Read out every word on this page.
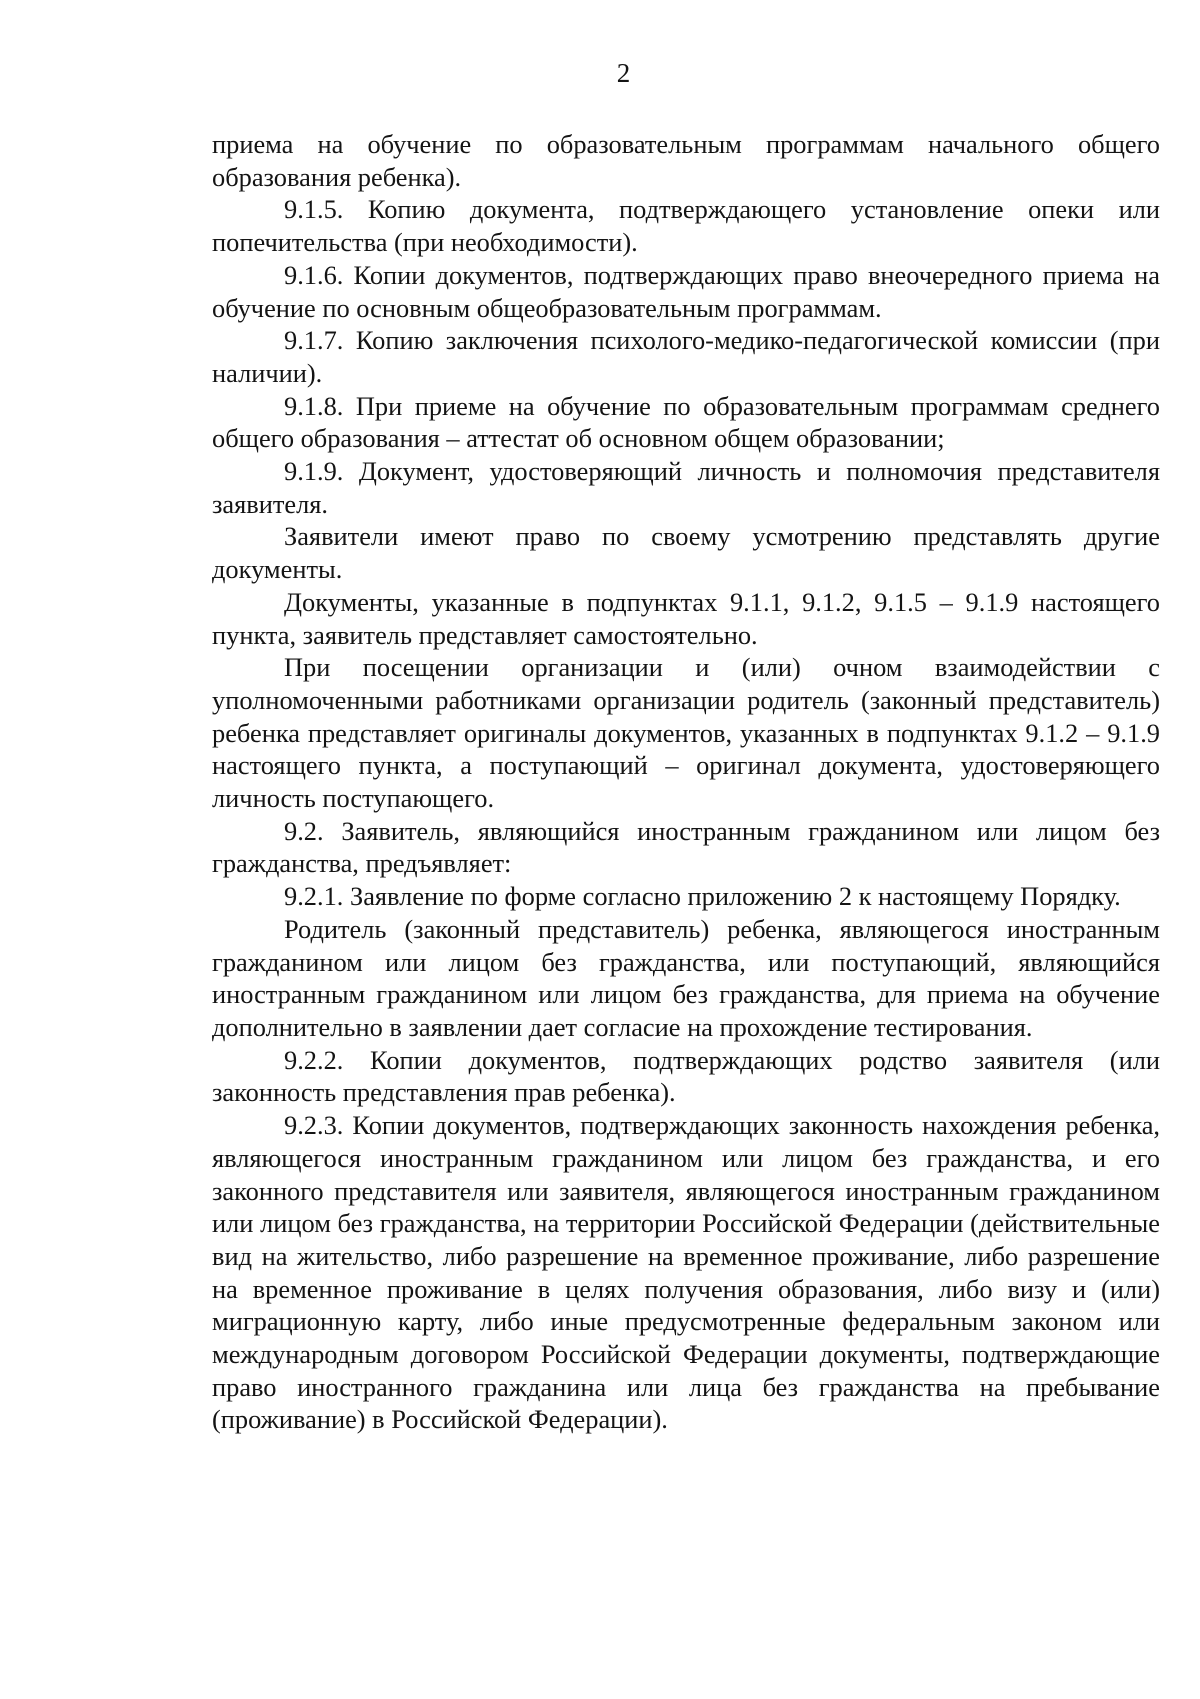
2

приема на обучение по образовательным программам начального общего образования ребенка).

9.1.5. Копию документа, подтверждающего установление опеки или попечительства (при необходимости).

9.1.6. Копии документов, подтверждающих право внеочередного приема на обучение по основным общеобразовательным программам.

9.1.7. Копию заключения психолого-медико-педагогической комиссии (при наличии).

9.1.8. При приеме на обучение по образовательным программам среднего общего образования – аттестат об основном общем образовании;

9.1.9. Документ, удостоверяющий личность и полномочия представителя заявителя.

Заявители имеют право по своему усмотрению представлять другие документы.

Документы, указанные в подпунктах 9.1.1, 9.1.2, 9.1.5 – 9.1.9 настоящего пункта, заявитель представляет самостоятельно.

При посещении организации и (или) очном взаимодействии с уполномоченными работниками организации родитель (законный представитель) ребенка представляет оригиналы документов, указанных в подпунктах 9.1.2 – 9.1.9 настоящего пункта, а поступающий – оригинал документа, удостоверяющего личность поступающего.

9.2. Заявитель, являющийся иностранным гражданином или лицом без гражданства, предъявляет:

9.2.1. Заявление по форме согласно приложению 2 к настоящему Порядку.

Родитель (законный представитель) ребенка, являющегося иностранным гражданином или лицом без гражданства, или поступающий, являющийся иностранным гражданином или лицом без гражданства, для приема на обучение дополнительно в заявлении дает согласие на прохождение тестирования.

9.2.2. Копии документов, подтверждающих родство заявителя (или законность представления прав ребенка).

9.2.3. Копии документов, подтверждающих законность нахождения ребенка, являющегося иностранным гражданином или лицом без гражданства, и его законного представителя или заявителя, являющегося иностранным гражданином или лицом без гражданства, на территории Российской Федерации (действительные вид на жительство, либо разрешение на временное проживание, либо разрешение на временное проживание в целях получения образования, либо визу и (или) миграционную карту, либо иные предусмотренные федеральным законом или международным договором Российской Федерации документы, подтверждающие право иностранного гражданина или лица без гражданства на пребывание (проживание) в Российской Федерации).
